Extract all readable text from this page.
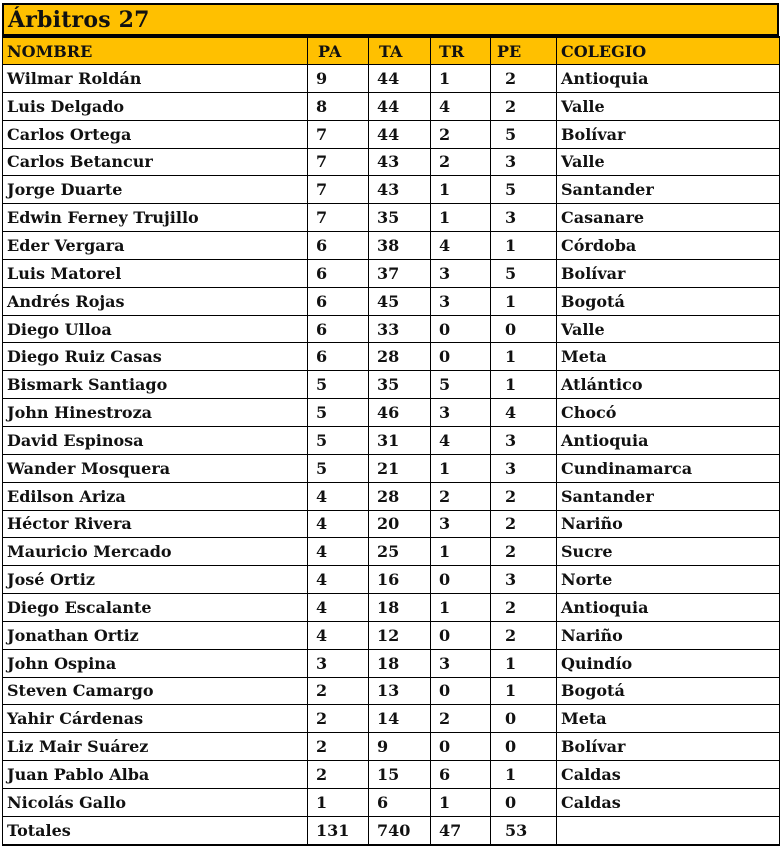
Árbitros 27
NOMBRE	PA	TA	TR	PE	COLEGIO
Wilmar Roldán	9	44	1	2	Antioquia
Luis Delgado	8	44	4	2	Valle
Carlos Ortega	7	44	2	5	Bolívar
Carlos Betancur	7	43	2	3	Valle
Jorge Duarte	7	43	1	5	Santander
Edwin Ferney Trujillo	7	35	1	3	Casanare
Eder Vergara	6	38	4	1	Córdoba
Luis Matorel	6	37	3	5	Bolívar
Andrés Rojas	6	45	3	1	Bogotá
Diego Ulloa	6	33	0	0	Valle
Diego Ruiz Casas	6	28	0	1	Meta
Bismark Santiago	5	35	5	1	Atlántico
John Hinestroza	5	46	3	4	Chocó
David Espinosa	5	31	4	3	Antioquia
Wander Mosquera	5	21	1	3	Cundinamarca
Edilson Ariza	4	28	2	2	Santander
Héctor Rivera	4	20	3	2	Nariño
Mauricio Mercado	4	25	1	2	Sucre
José Ortiz	4	16	0	3	Norte
Diego Escalante	4	18	1	2	Antioquia
Jonathan Ortiz	4	12	0	2	Nariño
John Ospina	3	18	3	1	Quindío
Steven Camargo	2	13	0	1	Bogotá
Yahir Cárdenas	2	14	2	0	Meta
Liz Mair Suárez	2	9	0	0	Bolívar
Juan Pablo Alba	2	15	6	1	Caldas
Nicolás Gallo	1	6	1	0	Caldas
Totales	131	740	47	53	
